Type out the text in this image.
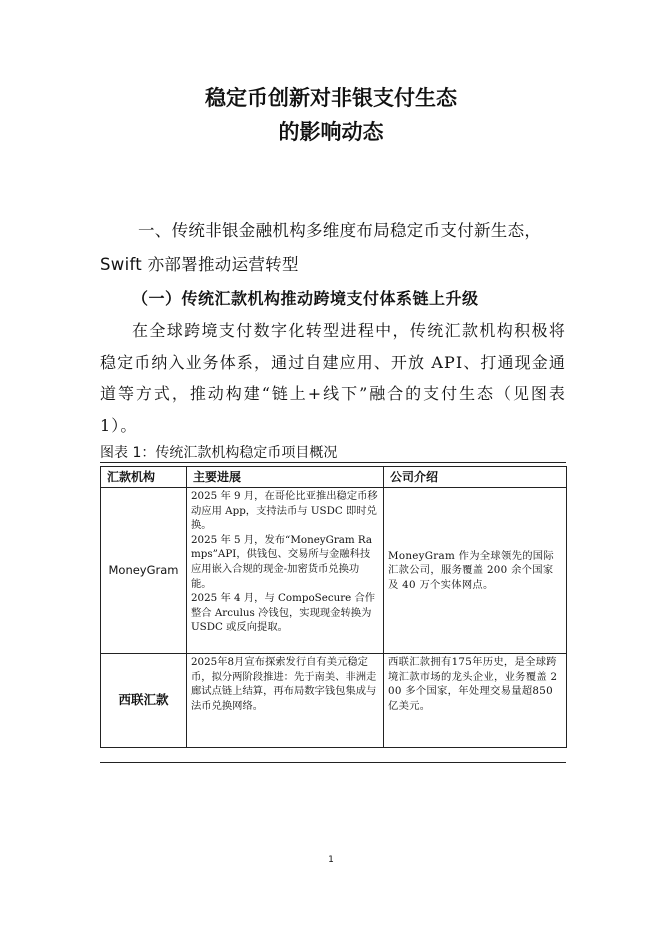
稳定币创新对非银支付生态
的影响动态
一、传统非银金融机构多维度布局稳定币支付新生态，
Swift 亦部署推动运营转型
（一）传统汇款机构推动跨境支付体系链上升级
在全球跨境支付数字化转型进程中，传统汇款机构积极将稳定币纳入业务体系，通过自建应用、开放 API、打通现金通道等方式，推动构建“链上+线下”融合的支付生态（见图表 1）。
图表 1：传统汇款机构稳定币项目概况
汇款机构	主要进展	公司介绍
MoneyGram	2025 年 9 月，在哥伦比亚推出稳定币移动应用 App，支持法币与 USDC 即时兑换。
2025 年 5 月，发布“MoneyGram Ramps”API，供钱包、交易所与金融科技应用嵌入合规的现金-加密货币兑换功能。
2025 年 4 月，与 CompoSecure 合作整合 Arculus 冷钱包，实现现金转换为 USDC 或反向提取。	MoneyGram 作为全球领先的国际汇款公司，服务覆盖 200 余个国家及 40 万个实体网点。
西联汇款	2025年8月宣布探索发行自有美元稳定币，拟分两阶段推进：先于南美、非洲走廊试点链上结算，再布局数字钱包集成与法币兑换网络。	西联汇款拥有175年历史，是全球跨境汇款市场的龙头企业，业务覆盖 200 多个国家，年处理交易量超850 亿美元。
1
